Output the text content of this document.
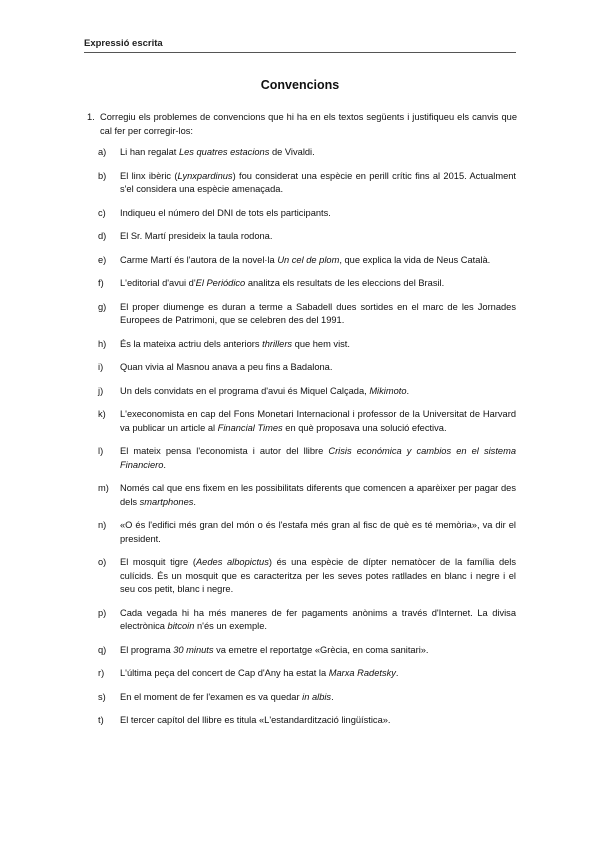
Expressió escrita
Convencions
1. Corregiu els problemes de convencions que hi ha en els textos següents i justifiqueu els canvis que cal fer per corregir-los:
a)	Li han regalat Les quatres estacions de Vivaldi.
b)	El linx ibèric (Lynxpardinus) fou considerat una espècie en perill crític fins al 2015. Actualment s'el considera una espècie amenaçada.
c)	Indiqueu el número del DNI de tots els participants.
d)	El Sr. Martí presideix la taula rodona.
e)	Carme Martí és l'autora de la novel·la Un cel de plom, que explica la vida de Neus Català.
f)	L'editorial d'avui d'El Periódico analitza els resultats de les eleccions del Brasil.
g)	El proper diumenge es duran a terme a Sabadell dues sortides en el marc de les Jornades Europees de Patrimoni, que se celebren des del 1991.
h)	És la mateixa actriu dels anteriors thrillers que hem vist.
i)	Quan vivia al Masnou anava a peu fins a Badalona.
j)	Un dels convidats en el programa d'avui és Miquel Calçada, Mikimoto.
k)	L'execonomista en cap del Fons Monetari Internacional i professor de la Universitat de Harvard va publicar un article al Financial Times en què proposava una solució efectiva.
l)	El mateix pensa l'economista i autor del llibre Crisis económica y cambios en el sistema Financiero.
m)	Només cal que ens fixem en les possibilitats diferents que comencen a aparèixer per pagar des dels smartphones.
n)	«O és l'edifici més gran del món o és l'estafa més gran al fisc de què es té memòria», va dir el president.
o)	El mosquit tigre (Aedes albopictus) és una espècie de dípter nematòcer de la família dels culícids. És un mosquit que es caracteritza per les seves potes ratllades en blanc i negre i el seu cos petit, blanc i negre.
p)	Cada vegada hi ha més maneres de fer pagaments anònims a través d'Internet. La divisa electrònica bitcoin n'és un exemple.
q)	El programa 30 minuts va emetre el reportatge «Grècia, en coma sanitari».
r)	L'última peça del concert de Cap d'Any ha estat la Marxa Radetsky.
s)	En el moment de fer l'examen es va quedar in albis.
t)	El tercer capítol del llibre es titula «L'estandardització lingüística».
